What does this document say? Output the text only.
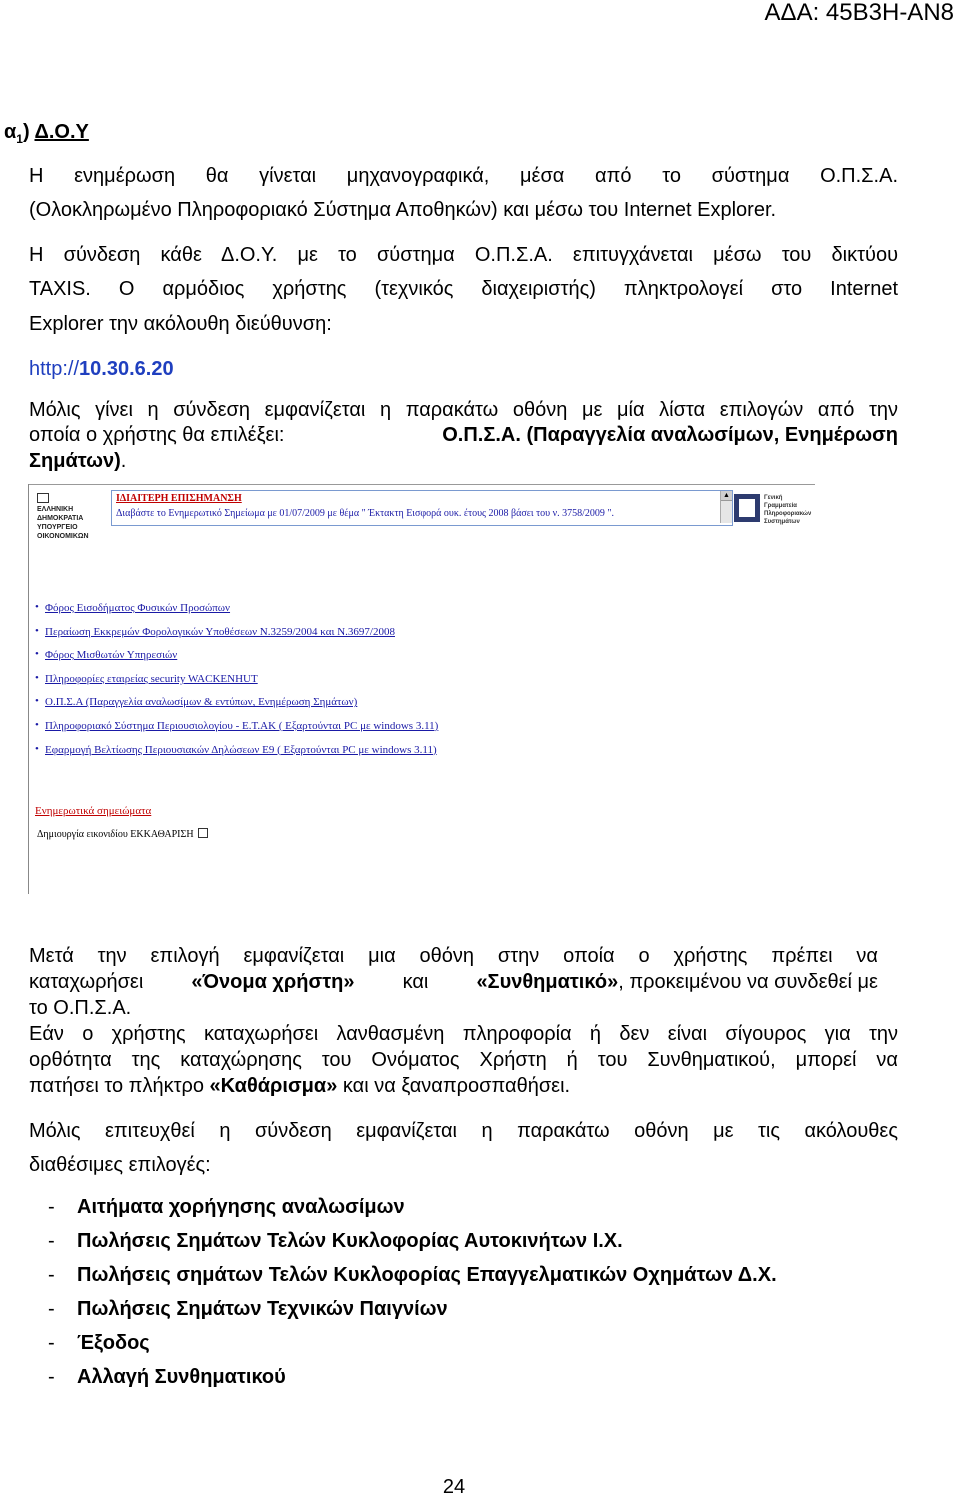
ΑΔΑ: 45Β3Η-ΑΝ8
$\alpha_1$) Δ.Ο.Υ
Η ενημέρωση θα γίνεται μηχανογραφικά, μέσα από το σύστημα Ο.Π.Σ.Α.
(Ολοκληρωμένο Πληροφοριακό Σύστημα Αποθηκών) και μέσω του Internet Explorer.
Η σύνδεση κάθε Δ.Ο.Υ. με το σύστημα Ο.Π.Σ.Α. επιτυγχάνεται μέσω του δικτύου
TAXIS. Ο αρμόδιος χρήστης (τεχνικός διαχειριστής) πληκτρολογεί στο Internet
Explorer την ακόλουθη διεύθυνση:
http://10.30.6.20
Μόλις γίνει η σύνδεση εμφανίζεται η παρακάτω οθόνη με μία λίστα επιλογών από την
οποία ο χρήστης θα επιλέξει:	Ο.Π.Σ.Α. (Παραγγελία αναλωσίμων, Ενημέρωση
Σημάτων).
ΕΛΛΗΝΙΚΗ
ΔΗΜΟΚΡΑΤΙΑ
ΥΠΟΥΡΓΕΙΟ
ΟΙΚΟΝΟΜΙΚΩΝ
ΙΔΙΑΙΤΕΡΗ ΕΠΙΣΗΜΑΝΣΗ
Διαβάστε το Ενημερωτικό Σημείωμα με 01/07/2009 με θέμα " Έκτακτη Εισφορά ουκ. έτους 2008 βάσει του ν. 3758/2009 ".
▲	Γενική
Γραμματεία
Πληροφοριακών
Συστημάτων
• Φόρος Εισοδήματος Φυσικών Προσώπων
• Περαίωση Εκκρεμών Φορολογικών Υποθέσεων Ν.3259/2004 και Ν.3697/2008
• Φόρος Μισθωτών Υπηρεσιών
• Πληροφορίες εταιρείας security WACKENHUT
• Ο.Π.Σ.Α (Παραγγελία αναλωσίμων & εντύπων, Ενημέρωση Σημάτων)
• Πληροφοριακό Σύστημα Περιουσιολογίου - Ε.Τ.ΑΚ ( Εξαρτούνται PC με windows 3.11)
• Εφαρμογή Βελτίωσης Περιουσιακών Δηλώσεων Ε9 ( Εξαρτούνται PC με windows 3.11)
Ενημερωτικά σημειώματα
Δημιουργία εικονιδίου ΕΚΚΑΘΑΡΙΣΗ
Μετά την επιλογή εμφανίζεται μια οθόνη στην οποία ο χρήστης πρέπει να
καταχωρήσει «Όνομα χρήστη» και «Συνθηματικό», προκειμένου να συνδεθεί με
το Ο.Π.Σ.Α.
Εάν ο χρήστης καταχωρήσει λανθασμένη πληροφορία ή δεν είναι σίγουρος για την
ορθότητα της καταχώρησης του Ονόματος Χρήστη ή του Συνθηματικού, μπορεί να
πατήσει το πλήκτρο «Καθάρισμα» και να ξαναπροσπαθήσει.
Μόλις επιτευχθεί η σύνδεση εμφανίζεται η παρακάτω οθόνη με τις ακόλουθες
διαθέσιμες επιλογές:
- Αιτήματα χορήγησης αναλωσίμων
- Πωλήσεις Σημάτων Τελών Κυκλοφορίας Αυτοκινήτων Ι.Χ.
- Πωλήσεις σημάτων Τελών Κυκλοφορίας Επαγγελματικών Οχημάτων Δ.Χ.
- Πωλήσεις Σημάτων Τεχνικών Παιγνίων
- Έξοδος
- Αλλαγή Συνθηματικού
24
